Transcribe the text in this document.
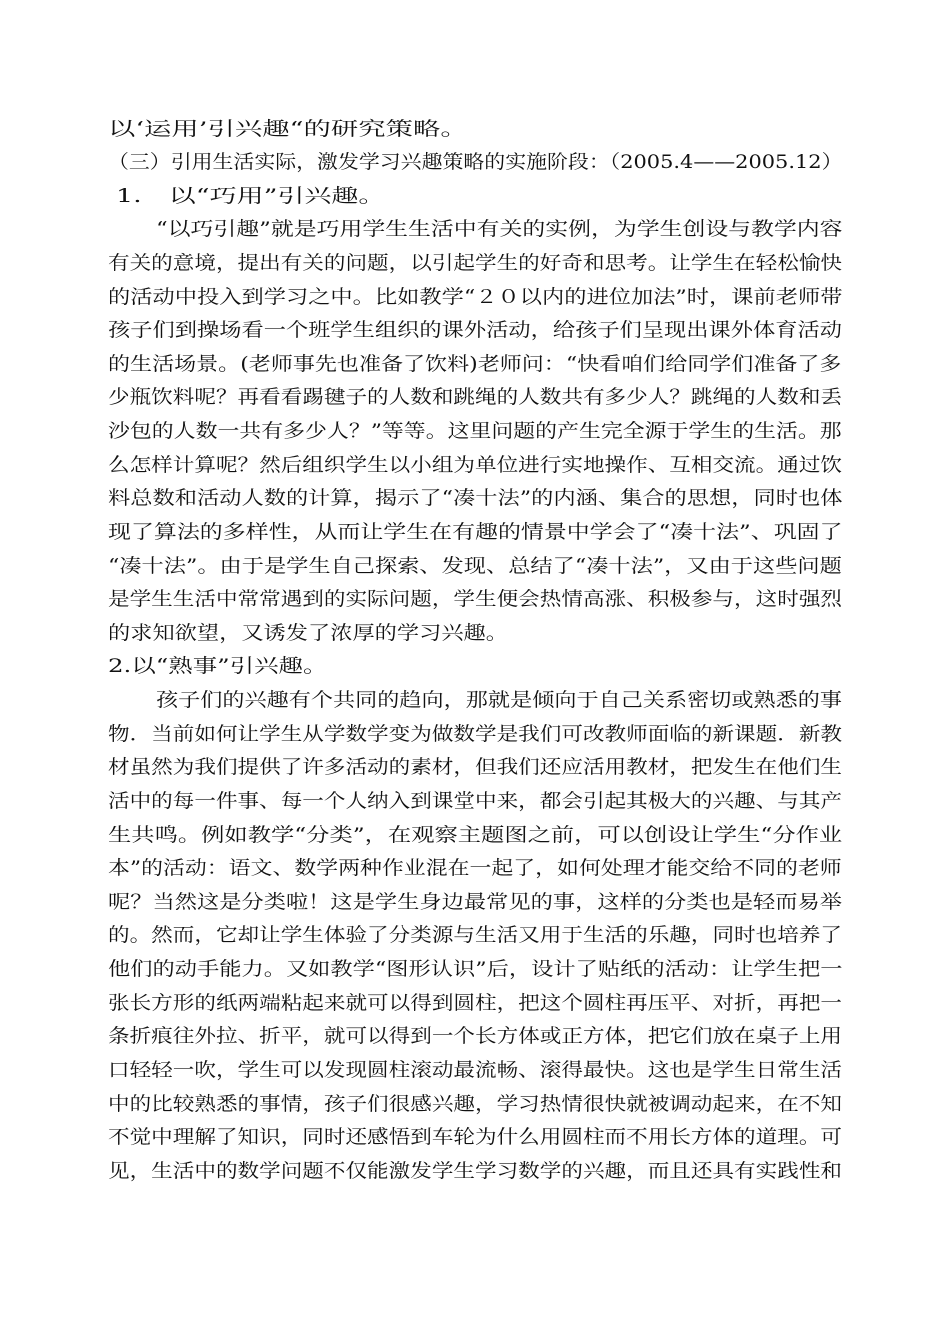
以‘运用’引兴趣“的研究策略。
（三）引用生活实际，激发学习兴趣策略的实施阶段：（2005.4——2005.12）
1.　以“巧用”引兴趣。
“以巧引趣”就是巧用学生生活中有关的实例，为学生创设与教学内容
有关的意境，提出有关的问题，以引起学生的好奇和思考。让学生在轻松愉快
的活动中投入到学习之中。比如教学“２０以内的进位加法”时，课前老师带
孩子们到操场看一个班学生组织的课外活动，给孩子们呈现出课外体育活动
的生活场景。(老师事先也准备了饮料)老师问：“快看咱们给同学们准备了多
少瓶饮料呢？再看看踢毽子的人数和跳绳的人数共有多少人？跳绳的人数和丢
沙包的人数一共有多少人？”等等。这里问题的产生完全源于学生的生活。那
么怎样计算呢？然后组织学生以小组为单位进行实地操作、互相交流。通过饮
料总数和活动人数的计算，揭示了“凑十法”的内涵、集合的思想，同时也体
现了算法的多样性，从而让学生在有趣的情景中学会了“凑十法”、巩固了
“凑十法”。由于是学生自己探索、发现、总结了“凑十法”，又由于这些问题
是学生生活中常常遇到的实际问题，学生便会热情高涨、积极参与，这时强烈
的求知欲望，又诱发了浓厚的学习兴趣。
2.以“熟事”引兴趣。
孩子们的兴趣有个共同的趋向，那就是倾向于自己关系密切或熟悉的事
物．当前如何让学生从学数学变为做数学是我们可改教师面临的新课题．新教
材虽然为我们提供了许多活动的素材，但我们还应活用教材，把发生在他们生
活中的每一件事、每一个人纳入到课堂中来，都会引起其极大的兴趣、与其产
生共鸣。例如教学“分类”，在观察主题图之前，可以创设让学生“分作业
本”的活动：语文、数学两种作业混在一起了，如何处理才能交给不同的老师
呢？当然这是分类啦！这是学生身边最常见的事，这样的分类也是轻而易举
的。然而，它却让学生体验了分类源与生活又用于生活的乐趣，同时也培养了
他们的动手能力。又如教学“图形认识”后，设计了贴纸的活动：让学生把一
张长方形的纸两端粘起来就可以得到圆柱，把这个圆柱再压平、对折，再把一
条折痕往外拉、折平，就可以得到一个长方体或正方体，把它们放在桌子上用
口轻轻一吹，学生可以发现圆柱滚动最流畅、滚得最快。这也是学生日常生活
中的比较熟悉的事情，孩子们很感兴趣，学习热情很快就被调动起来，在不知
不觉中理解了知识，同时还感悟到车轮为什么用圆柱而不用长方体的道理。可
见，生活中的数学问题不仅能激发学生学习数学的兴趣，而且还具有实践性和
